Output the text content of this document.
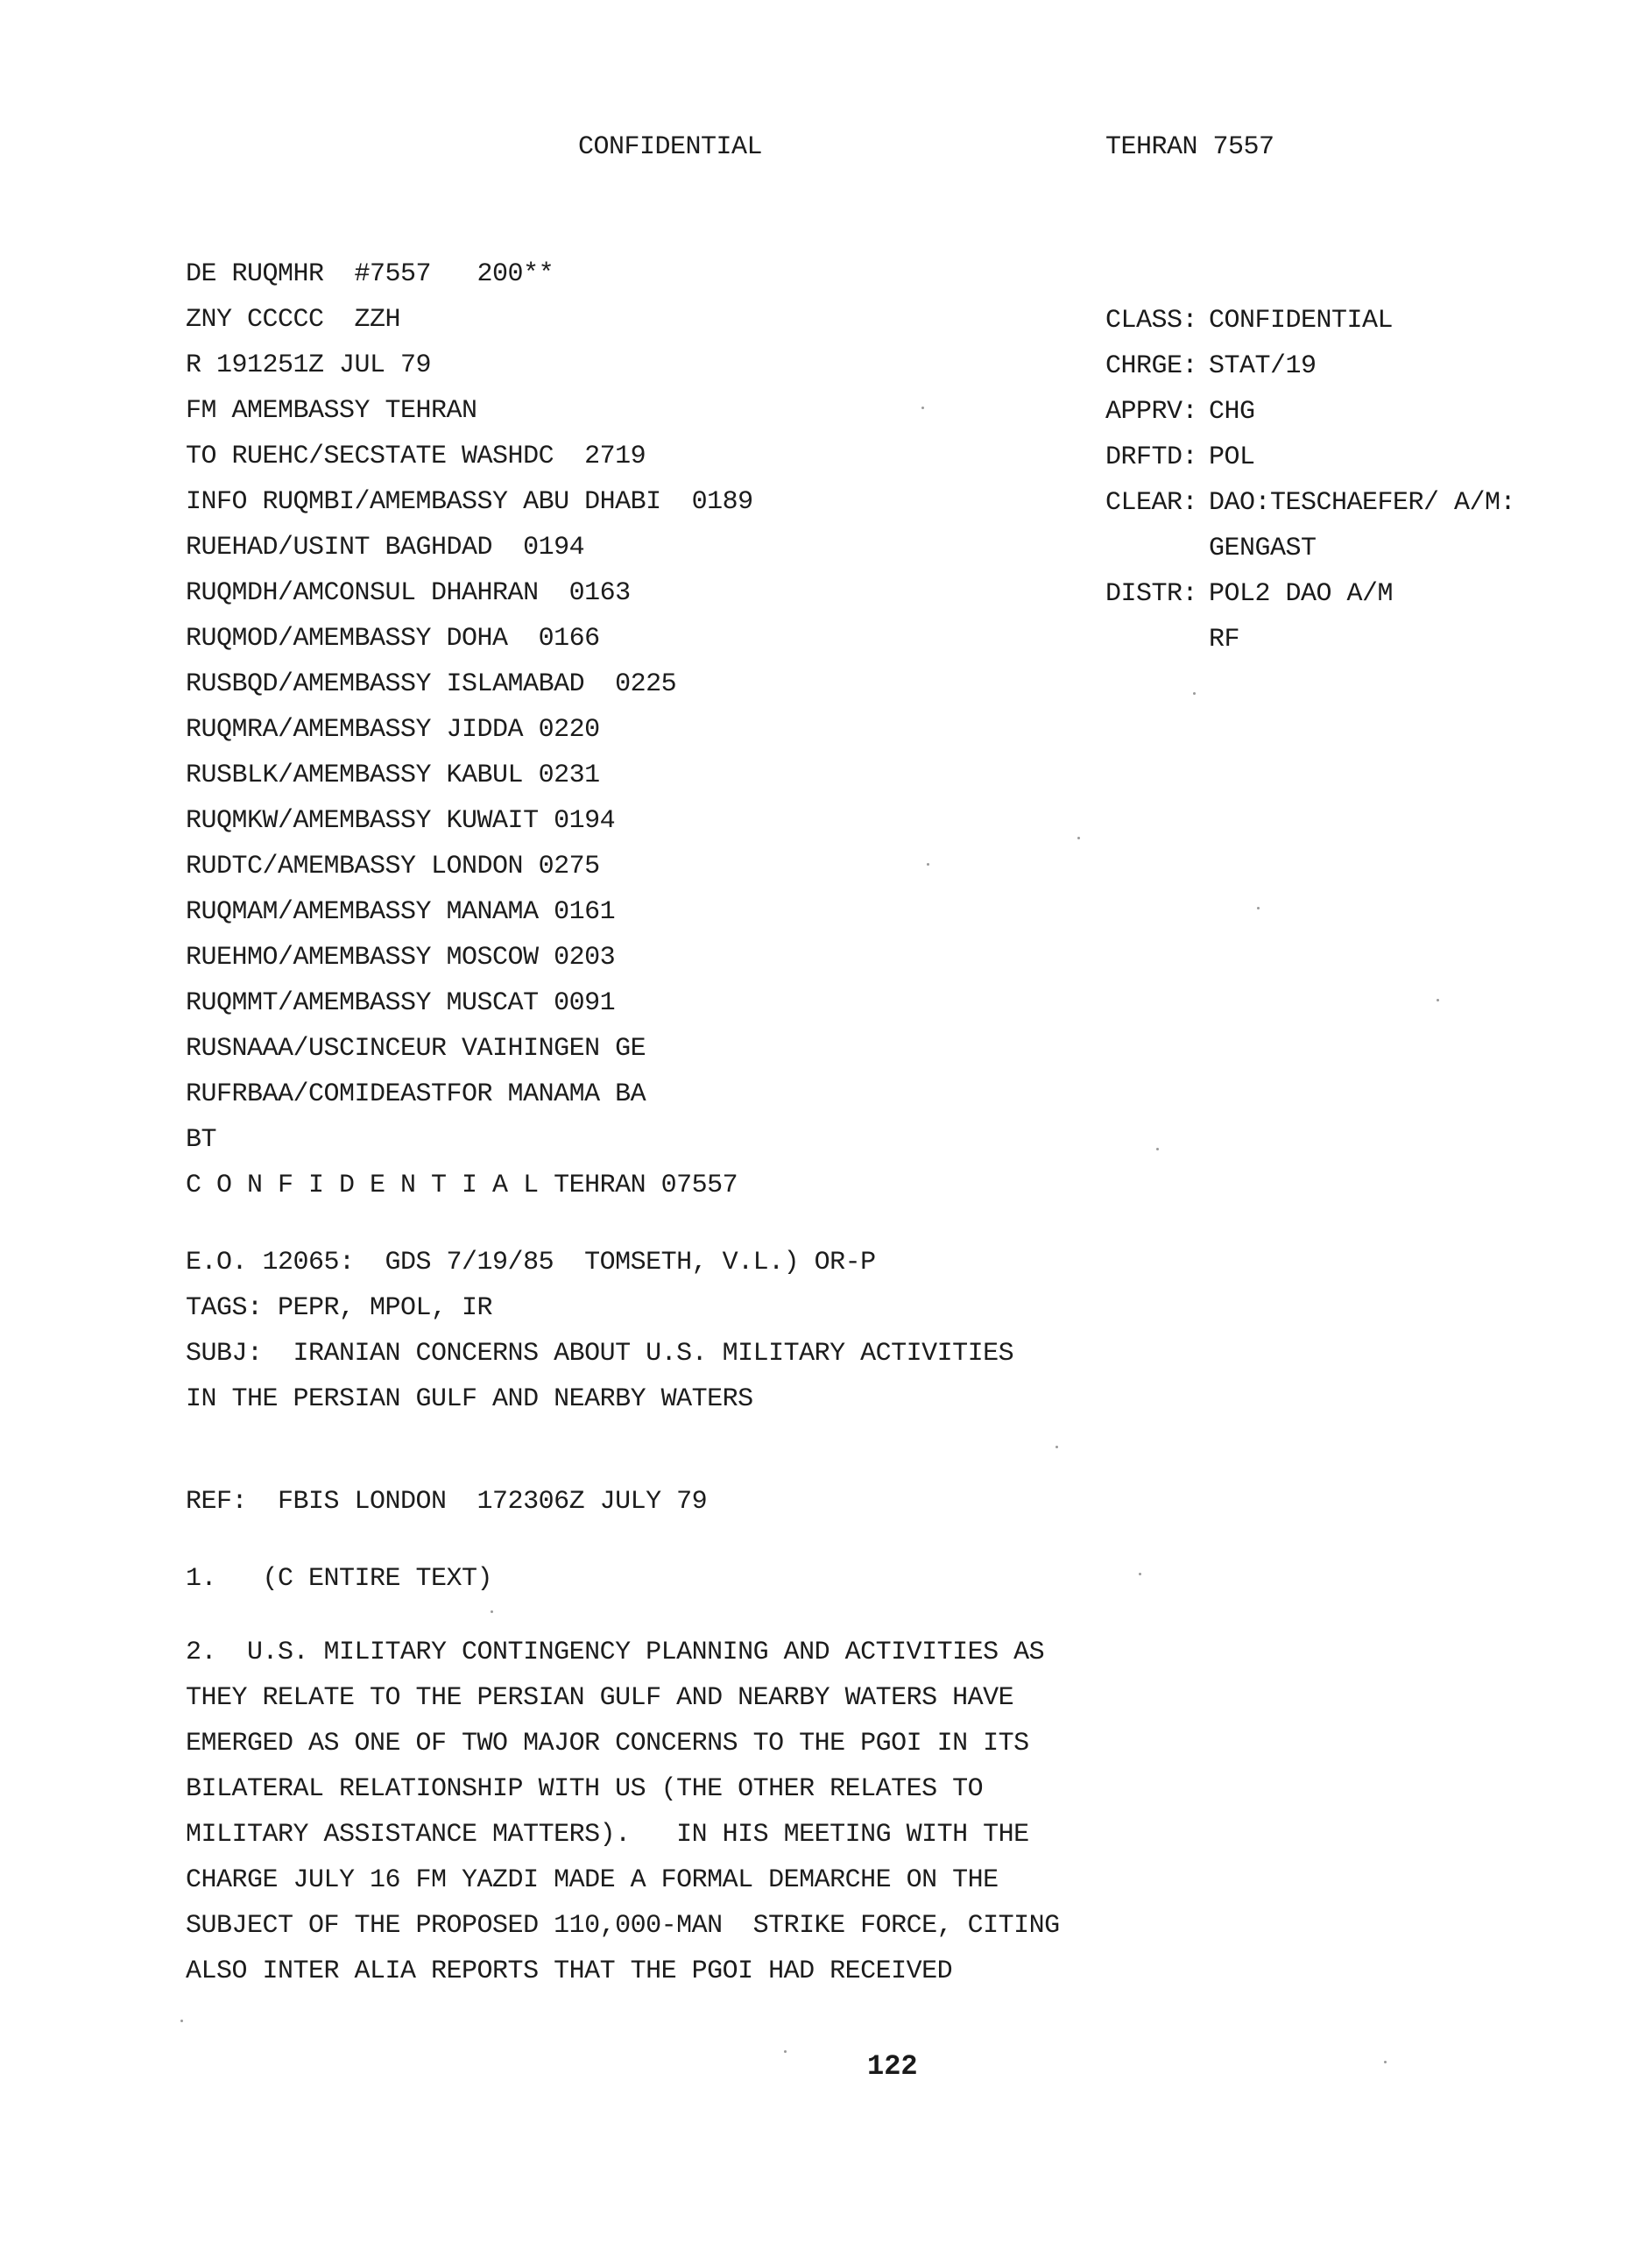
CONFIDENTIAL	TEHRAN 7557
DE RUQMHR  #7557   200**
ZNY CCCCC  ZZH
R 191251Z JUL 79
FM AMEMBASSY TEHRAN
TO RUEHC/SECSTATE WASHDC  2719
INFO RUQMBI/AMEMBASSY ABU DHABI  0189
RUEHAD/USINT BAGHDAD  0194
RUQMDH/AMCONSUL DHAHRAN  0163
RUQMOD/AMEMBASSY DOHA  0166
RUSBQD/AMEMBASSY ISLAMABAD  0225
RUQMRA/AMEMBASSY JIDDA 0220
RUSBLK/AMEMBASSY KABUL 0231
RUQMKW/AMEMBASSY KUWAIT 0194
RUDTC/AMEMBASSY LONDON 0275
RUQMAM/AMEMBASSY MANAMA 0161
RUEHMO/AMEMBASSY MOSCOW 0203
RUQMMT/AMEMBASSY MUSCAT 0091
RUSNAAA/USCINCEUR VAIHINGEN GE
RUFRBAA/COMIDEASTFOR MANAMA BA
BT
C O N F I D E N T I A L TEHRAN 07557
CLASS: CONFIDENTIAL
CHRGE: STAT/19
APPRV: CHG
DRFTD: POL
CLEAR: DAO:TESCHAEFER/ A/M:
GENGAST
DISTR: POL2 DAO A/M
RF
E.O. 12065:  GDS 7/19/85  TOMSETH, V.L.) OR-P
TAGS: PEPR, MPOL, IR
SUBJ:  IRANIAN CONCERNS ABOUT U.S. MILITARY ACTIVITIES
IN THE PERSIAN GULF AND NEARBY WATERS
REF:  FBIS LONDON  172306Z JULY 79
1.   (C ENTIRE TEXT)
2.  U.S. MILITARY CONTINGENCY PLANNING AND ACTIVITIES AS
THEY RELATE TO THE PERSIAN GULF AND NEARBY WATERS HAVE
EMERGED AS ONE OF TWO MAJOR CONCERNS TO THE PGOI IN ITS
BILATERAL RELATIONSHIP WITH US (THE OTHER RELATES TO
MILITARY ASSISTANCE MATTERS).   IN HIS MEETING WITH THE
CHARGE JULY 16 FM YAZDI MADE A FORMAL DEMARCHE ON THE
SUBJECT OF THE PROPOSED 110,000-MAN  STRIKE FORCE, CITING
ALSO INTER ALIA REPORTS THAT THE PGOI HAD RECEIVED
122
